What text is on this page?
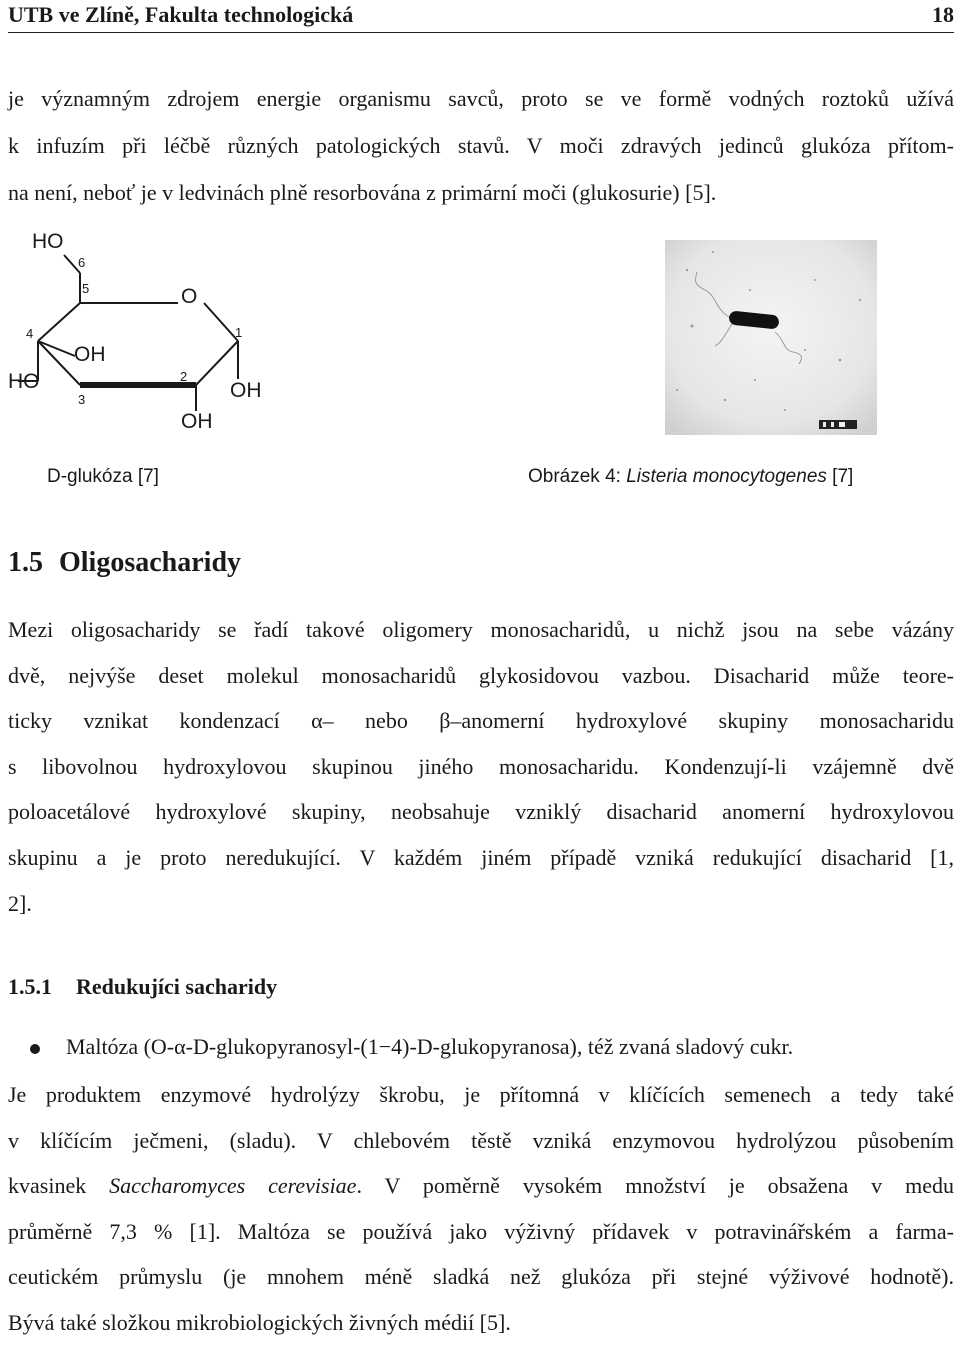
UTB ve Zlíně, Fakulta technologická	18
je významným zdrojem energie organismu savců, proto se ve formě vodných roztoků užívá
k infuzím při léčbě různých patologických stavů. V moči zdravých jedinců glukóza přítom-
na není, neboť je v ledvinách plně resorbována z primární moči (glukosurie) [5].
HO
6
5	O
4	1
OH
HO	2
OH
3
OH
D-glukóza [7]	Obrázek 4: Listeria monocytogenes [7]
1.5 Oligosacharidy
Mezi oligosacharidy se řadí takové oligomery monosacharidů, u nichž jsou na sebe vázány
dvě, nejvýše deset molekul monosacharidů glykosidovou vazbou. Disacharid může teore-
ticky vznikat kondenzací α– nebo β–anomerní hydroxylové skupiny monosacharidu
s libovolnou hydroxylovou skupinou jiného monosacharidu. Kondenzují-li vzájemně dvě
poloacetálové hydroxylové skupiny, neobsahuje vzniklý disacharid anomerní hydroxylovou
skupinu a je proto neredukující. V každém jiném případě vzniká redukující disacharid [1,
2].
1.5.1 Redukujíci sacharidy
Maltóza (O-α-D-glukopyranosyl-(1−4)-D-glukopyranosa), též zvaná sladový cukr.
Je produktem enzymové hydrolýzy škrobu, je přítomná v klíčících semenech a tedy také
v klíčícím ječmeni, (sladu). V chlebovém těstě vzniká enzymovou hydrolýzou působením
kvasinek Saccharomyces cerevisiae. V poměrně vysokém množství je obsažena v medu
průměrně 7,3 % [1]. Maltóza se používá jako výživný přídavek v potravinářském a farma-
ceutickém průmyslu (je mnohem méně sladká než glukóza při stejné výživové hodnotě).
Bývá také složkou mikrobiologických živných médií [5].
